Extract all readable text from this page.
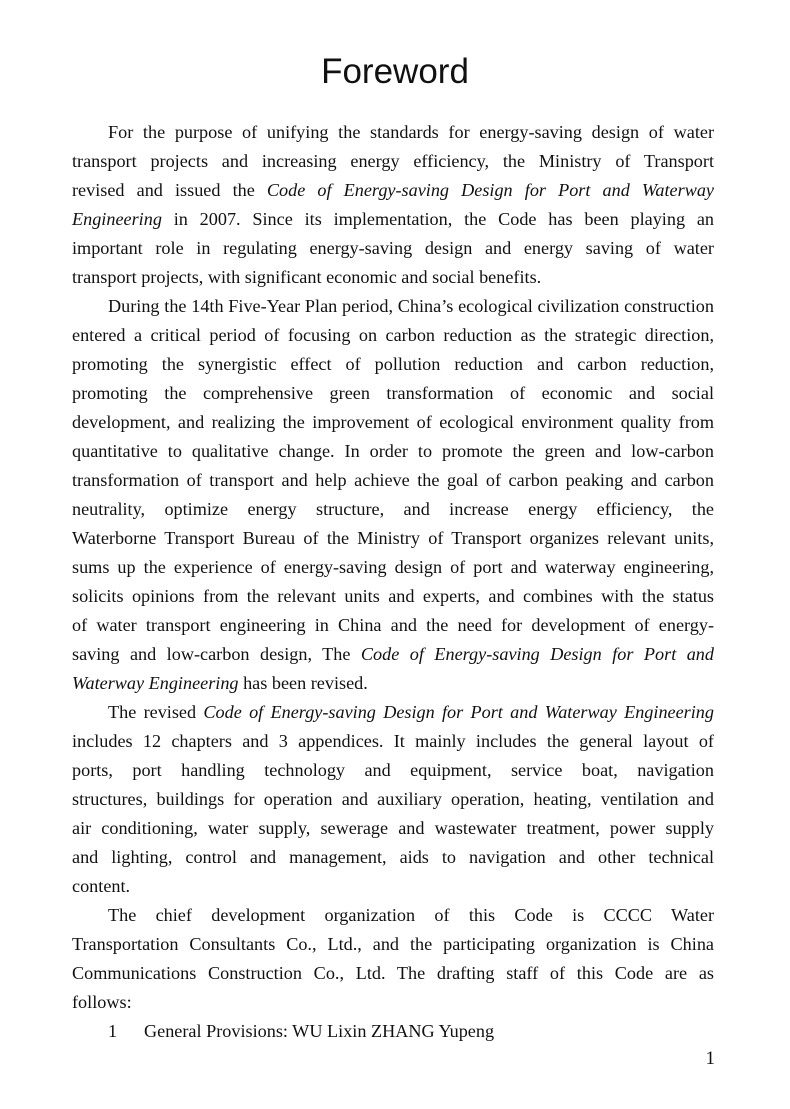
Foreword
For the purpose of unifying the standards for energy-saving design of water
transport projects and increasing energy efficiency, the Ministry of Transport
revised and issued the Code of Energy-saving Design for Port and Waterway
Engineering in 2007. Since its implementation, the Code has been playing an
important role in regulating energy-saving design and energy saving of water
transport projects, with significant economic and social benefits.
During the 14th Five-Year Plan period, China’s ecological civilization construction
entered a critical period of focusing on carbon reduction as the strategic direction,
promoting the synergistic effect of pollution reduction and carbon reduction,
promoting the comprehensive green transformation of economic and social
development, and realizing the improvement of ecological environment quality from
quantitative to qualitative change. In order to promote the green and low-carbon
transformation of transport and help achieve the goal of carbon peaking and carbon
neutrality, optimize energy structure, and increase energy efficiency, the
Waterborne Transport Bureau of the Ministry of Transport organizes relevant units,
sums up the experience of energy-saving design of port and waterway engineering,
solicits opinions from the relevant units and experts, and combines with the status
of water transport engineering in China and the need for development of energy-
saving and low-carbon design, The Code of Energy-saving Design for Port and
Waterway Engineering has been revised.
The revised Code of Energy-saving Design for Port and Waterway Engineering
includes 12 chapters and 3 appendices. It mainly includes the general layout of
ports, port handling technology and equipment, service boat, navigation
structures, buildings for operation and auxiliary operation, heating, ventilation and
air conditioning, water supply, sewerage and wastewater treatment, power supply
and lighting, control and management, aids to navigation and other technical
content.
The chief development organization of this Code is CCCC Water
Transportation Consultants Co., Ltd., and the participating organization is China
Communications Construction Co., Ltd. The drafting staff of this Code are as
follows:
1 General Provisions: WU Lixin ZHANG Yupeng
1
